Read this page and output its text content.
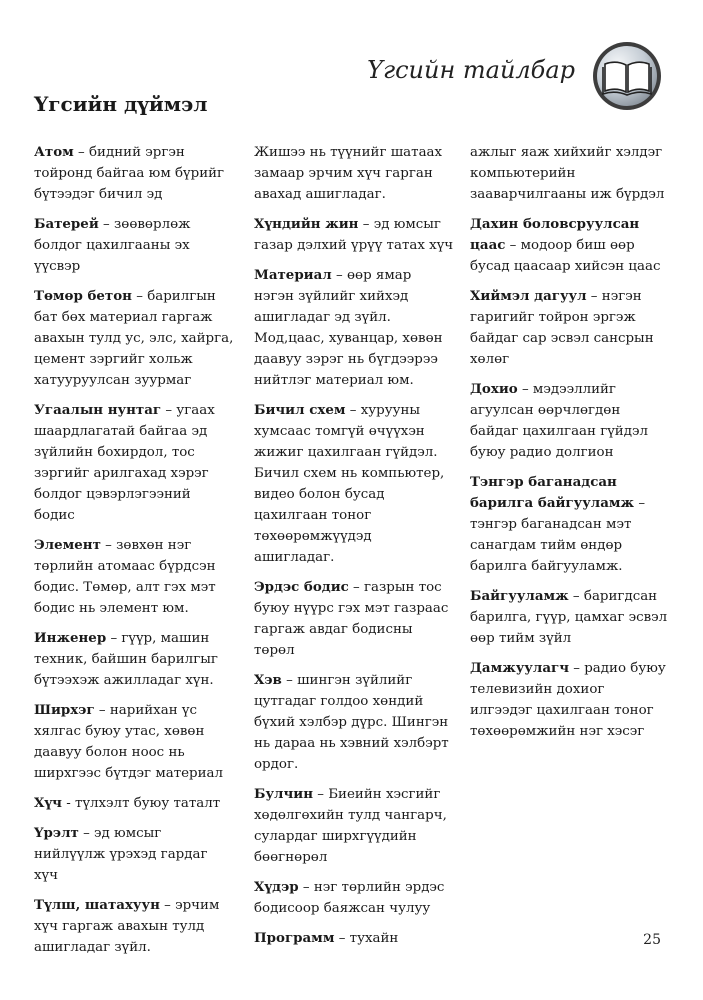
Үгсийн тайлбар
Үгсийн дүймэл

Атом – бидний эргэн тойронд байгаа юм бүрийг бүтээдэг бичил эд

Батерей – зөөвөрлөж болдог цахилгааны эх үүсвэр

Төмөр бетон – барилгын бат бөх материал гаргаж авахын тулд ус, элс, хайрга, цемент зэргийг хольж хатууруулсан зуурмаг

Угаалын нунтаг – угаах шаардлагатай байгаа эд зүйлийн бохирдол, тос зэргийг арилгахад хэрэг болдог цэвэрлэгээний бодис

Элемент – зөвхөн нэг төрлийн атомаас бүрдсэн бодис. Төмөр, алт гэх мэт бодис нь элемент юм.

Инженер – гүүр, машин техник, байшин барилгыг бүтээхэж ажилладаг хүн.

Ширхэг – нарийхан үс хялгас буюу утас, хөвөн даавуу болон ноос нь ширхгээс бүтдэг материал

Хүч - түлхэлт буюу таталт

Үрэлт – эд юмсыг нийлүүлж үрэхэд гардаг хүч

Түлш, шатахуун – эрчим хүч гаргаж авахын тулд ашигладаг зүйл.

Жишээ нь түүнийг шатаах замаар эрчим хүч гарган авахад ашигладаг.

Хүндийн жин – эд юмсыг газар дэлхий үрүү татах хүч

Материал – өөр ямар нэгэн зүйлийг хийхэд ашигладаг эд зүйл. Мод,цаас, хуванцар, хөвөн даавуу зэрэг нь бүгдээрээ нийтлэг материал юм.

Бичил схем – хурууны хумсаас томгүй өчүүхэн жижиг цахилгаан гүйдэл. Бичил схем нь компьютер, видео болон бусад цахилгаан тоног төхөөрөмжүүдэд ашигладаг.

Эрдэс бодис – газрын тос буюу нүүрс гэх мэт газраас гаргаж авдаг бодисны төрөл

Хэв – шингэн зүйлийг цутгадаг голдоо хөндий бүхий хэлбэр дүрс. Шингэн нь дараа нь хэвний хэлбэрт ордог.

Булчин – Биеийн хэсгийг хөдөлгөхийн тулд чангарч, сулардаг ширхгүүдийн бөөгнөрөл

Хүдэр – нэг төрлийн эрдэс бодисоор баяжсан чулуу

Программ – тухайн

ажлыг яаж хийхийг хэлдэг компьютерийн зааварчилгааны иж бүрдэл

Дахин боловсруулсан цаас – модоор биш өөр бусад цаасаар хийсэн цаас

Хиймэл дагуул – нэгэн гаригийг тойрон эргэж байдаг сар эсвэл сансрын хөлөг

Дохио – мэдээллийг агуулсан өөрчлөгдөн байдаг цахилгаан гүйдэл буюу радио долгион

Тэнгэр баганадсан барилга байгууламж – тэнгэр баганадсан мэт санагдам тийм өндөр барилга байгууламж.

Байгууламж – баригдсан барилга, гүүр, цамхаг эсвэл өөр тийм зүйл

Дамжуулагч – радио буюу телевизийн дохиог илгээдэг цахилгаан тоног төхөөрөмжийн нэг хэсэг

25
